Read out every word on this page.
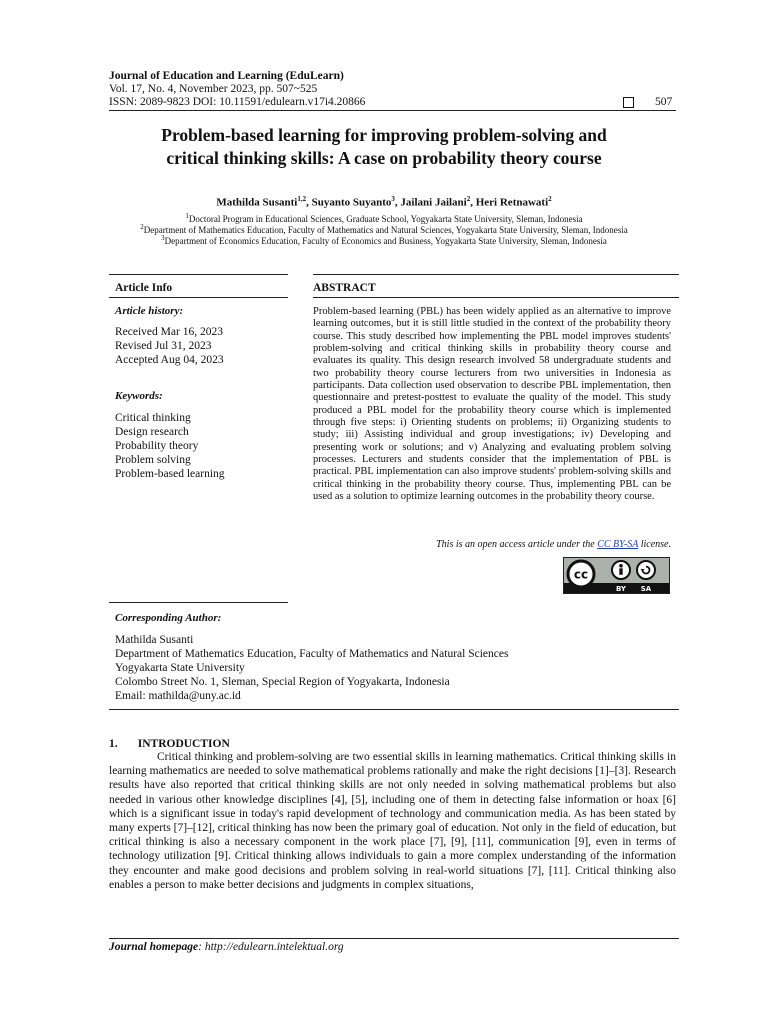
Journal of Education and Learning (EduLearn)
Vol. 17, No. 4, November 2023, pp. 507~525
ISSN: 2089-9823 DOI: 10.11591/edulearn.v17i4.20866	507
Problem-based learning for improving problem-solving and
critical thinking skills: A case on probability theory course
Mathilda Susanti$^{1,2}$, Suyanto Suyanto$^3$, Jailani Jailani$^2$, Heri Retnawati$^2$
$^1$Doctoral Program in Educational Sciences, Graduate School, Yogyakarta State University, Sleman, Indonesia
$^2$Department of Mathematics Education, Faculty of Mathematics and Natural Sciences, Yogyakarta State University, Sleman, Indonesia
$^3$Department of Economics Education, Faculty of Economics and Business, Yogyakarta State University, Sleman, Indonesia
Article Info	ABSTRACT
Article history:
Received Mar 16, 2023
Revised Jul 31, 2023
Accepted Aug 04, 2023
Keywords:
Critical thinking
Design research
Probability theory
Problem solving
Problem-based learning
Problem-based learning (PBL) has been widely applied as an alternative to improve learning outcomes, but it is still little studied in the context of the probability theory course. This study described how implementing the PBL model improves students' problem-solving and critical thinking skills in probability theory course and evaluates its quality. This design research involved 58 undergraduate students and two probability theory course lecturers from two universities in Indonesia as participants. Data collection used observation to describe PBL implementation, then questionnaire and pretest-posttest to evaluate the quality of the model. This study produced a PBL model for the probability theory course which is implemented through five steps: i) Orienting students on problems; ii) Organizing students to study; iii) Assisting individual and group investigations; iv) Developing and presenting work or solutions; and v) Analyzing and evaluating problem solving processes. Lecturers and students consider that the implementation of PBL is practical. PBL implementation can also improve students' problem-solving skills and critical thinking in the probability theory course. Thus, implementing PBL can be used as a solution to optimize learning outcomes in the probability theory course.
This is an open access article under the CC BY-SA license.
cc
BY SA
Corresponding Author:
Mathilda Susanti
Department of Mathematics Education, Faculty of Mathematics and Natural Sciences
Yogyakarta State University
Colombo Street No. 1, Sleman, Special Region of Yogyakarta, Indonesia
Email: mathilda@uny.ac.id
1.       INTRODUCTION
Critical thinking and problem-solving are two essential skills in learning mathematics. Critical thinking skills in learning mathematics are needed to solve mathematical problems rationally and make the right decisions [1]–[3]. Research results have also reported that critical thinking skills are not only needed in solving mathematical problems but also needed in various other knowledge disciplines [4], [5], including one of them in detecting false information or hoax [6] which is a significant issue in today's rapid development of technology and communication media. As has been stated by many experts [7]–[12], critical thinking has now been the primary goal of education. Not only in the field of education, but critical thinking is also a necessary component in the work place [7], [9], [11], communication [9], even in terms of technology utilization [9]. Critical thinking allows individuals to gain a more complex understanding of the information they encounter and make good decisions and problem solving in real-world situations [7], [11]. Critical thinking also enables a person to make better decisions and judgments in complex situations,
Journal homepage: http://edulearn.intelektual.org
